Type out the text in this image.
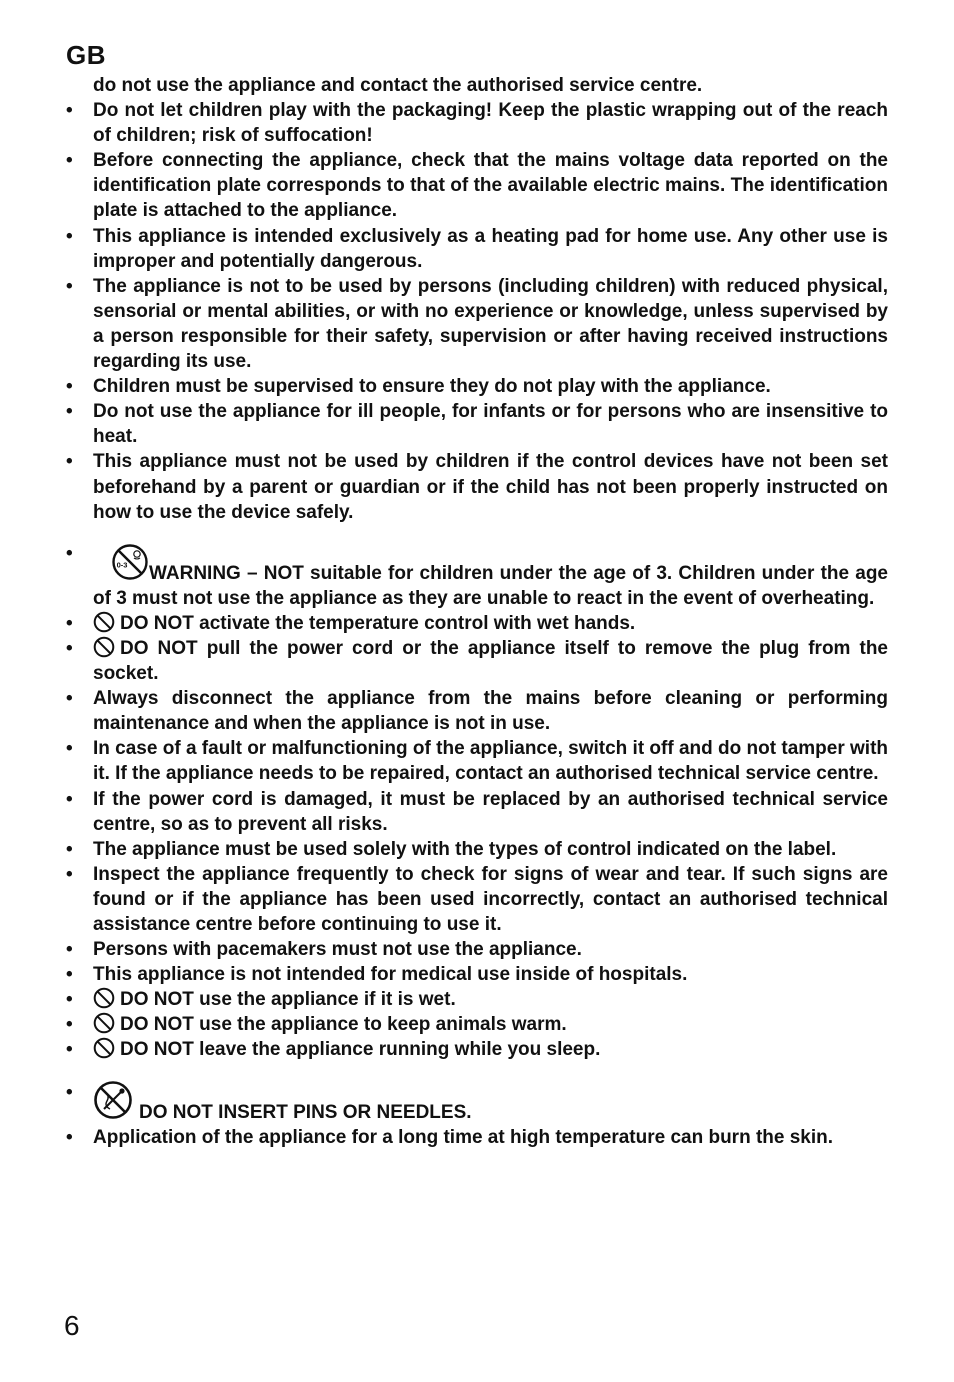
GB
do not use the appliance and contact the authorised service centre.
• Do not let children play with the packaging! Keep the plastic wrapping out of the reach of children; risk of suffocation!
• Before connecting the appliance, check that the mains voltage data reported on the identification plate corresponds to that of the available electric mains. The identification plate is attached to the appliance.
• This appliance is intended exclusively as a heating pad for home use. Any other use is improper and potentially dangerous.
• The appliance is not to be used by persons (including children) with reduced physical, sensorial or mental abilities, or with no experience or knowledge, unless supervised by a person responsible for their safety, supervision or after having received instructions regarding its use.
• Children must be supervised to ensure they do not play with the appliance.
• Do not use the appliance for ill people, for infants or for persons who are insensitive to heat.
• This appliance must not be used by children if the control devices have not been set beforehand by a parent or guardian or if the child has not been properly instructed on how to use the device safely.
•
0-3 WARNING – NOT suitable for children under the age of 3. Children under the age of 3 must not use the appliance as they are unable to react in the event of overheating.
• DO NOT activate the temperature control with wet hands.
• DO NOT pull the power cord or the appliance itself to remove the plug from the socket.
• Always disconnect the appliance from the mains before cleaning or performing maintenance and when the appliance is not in use.
• In case of a fault or malfunctioning of the appliance, switch it off and do not tamper with it. If the appliance needs to be repaired, contact an authorised technical service centre.
• If the power cord is damaged, it must be replaced by an authorised technical service centre, so as to prevent all risks.
• The appliance must be used solely with the types of control indicated on the label.
• Inspect the appliance frequently to check for signs of wear and tear. If such signs are found or if the appliance has been used incorrectly, contact an authorised technical assistance centre before continuing to use it.
• Persons with pacemakers must not use the appliance.
• This appliance is not intended for medical use inside of hospitals.
• DO NOT use the appliance if it is wet.
• DO NOT use the appliance to keep animals warm.
• DO NOT leave the appliance running while you sleep.
•
DO NOT INSERT PINS OR NEEDLES.
• Application of the appliance for a long time at high temperature can burn the skin.
6
